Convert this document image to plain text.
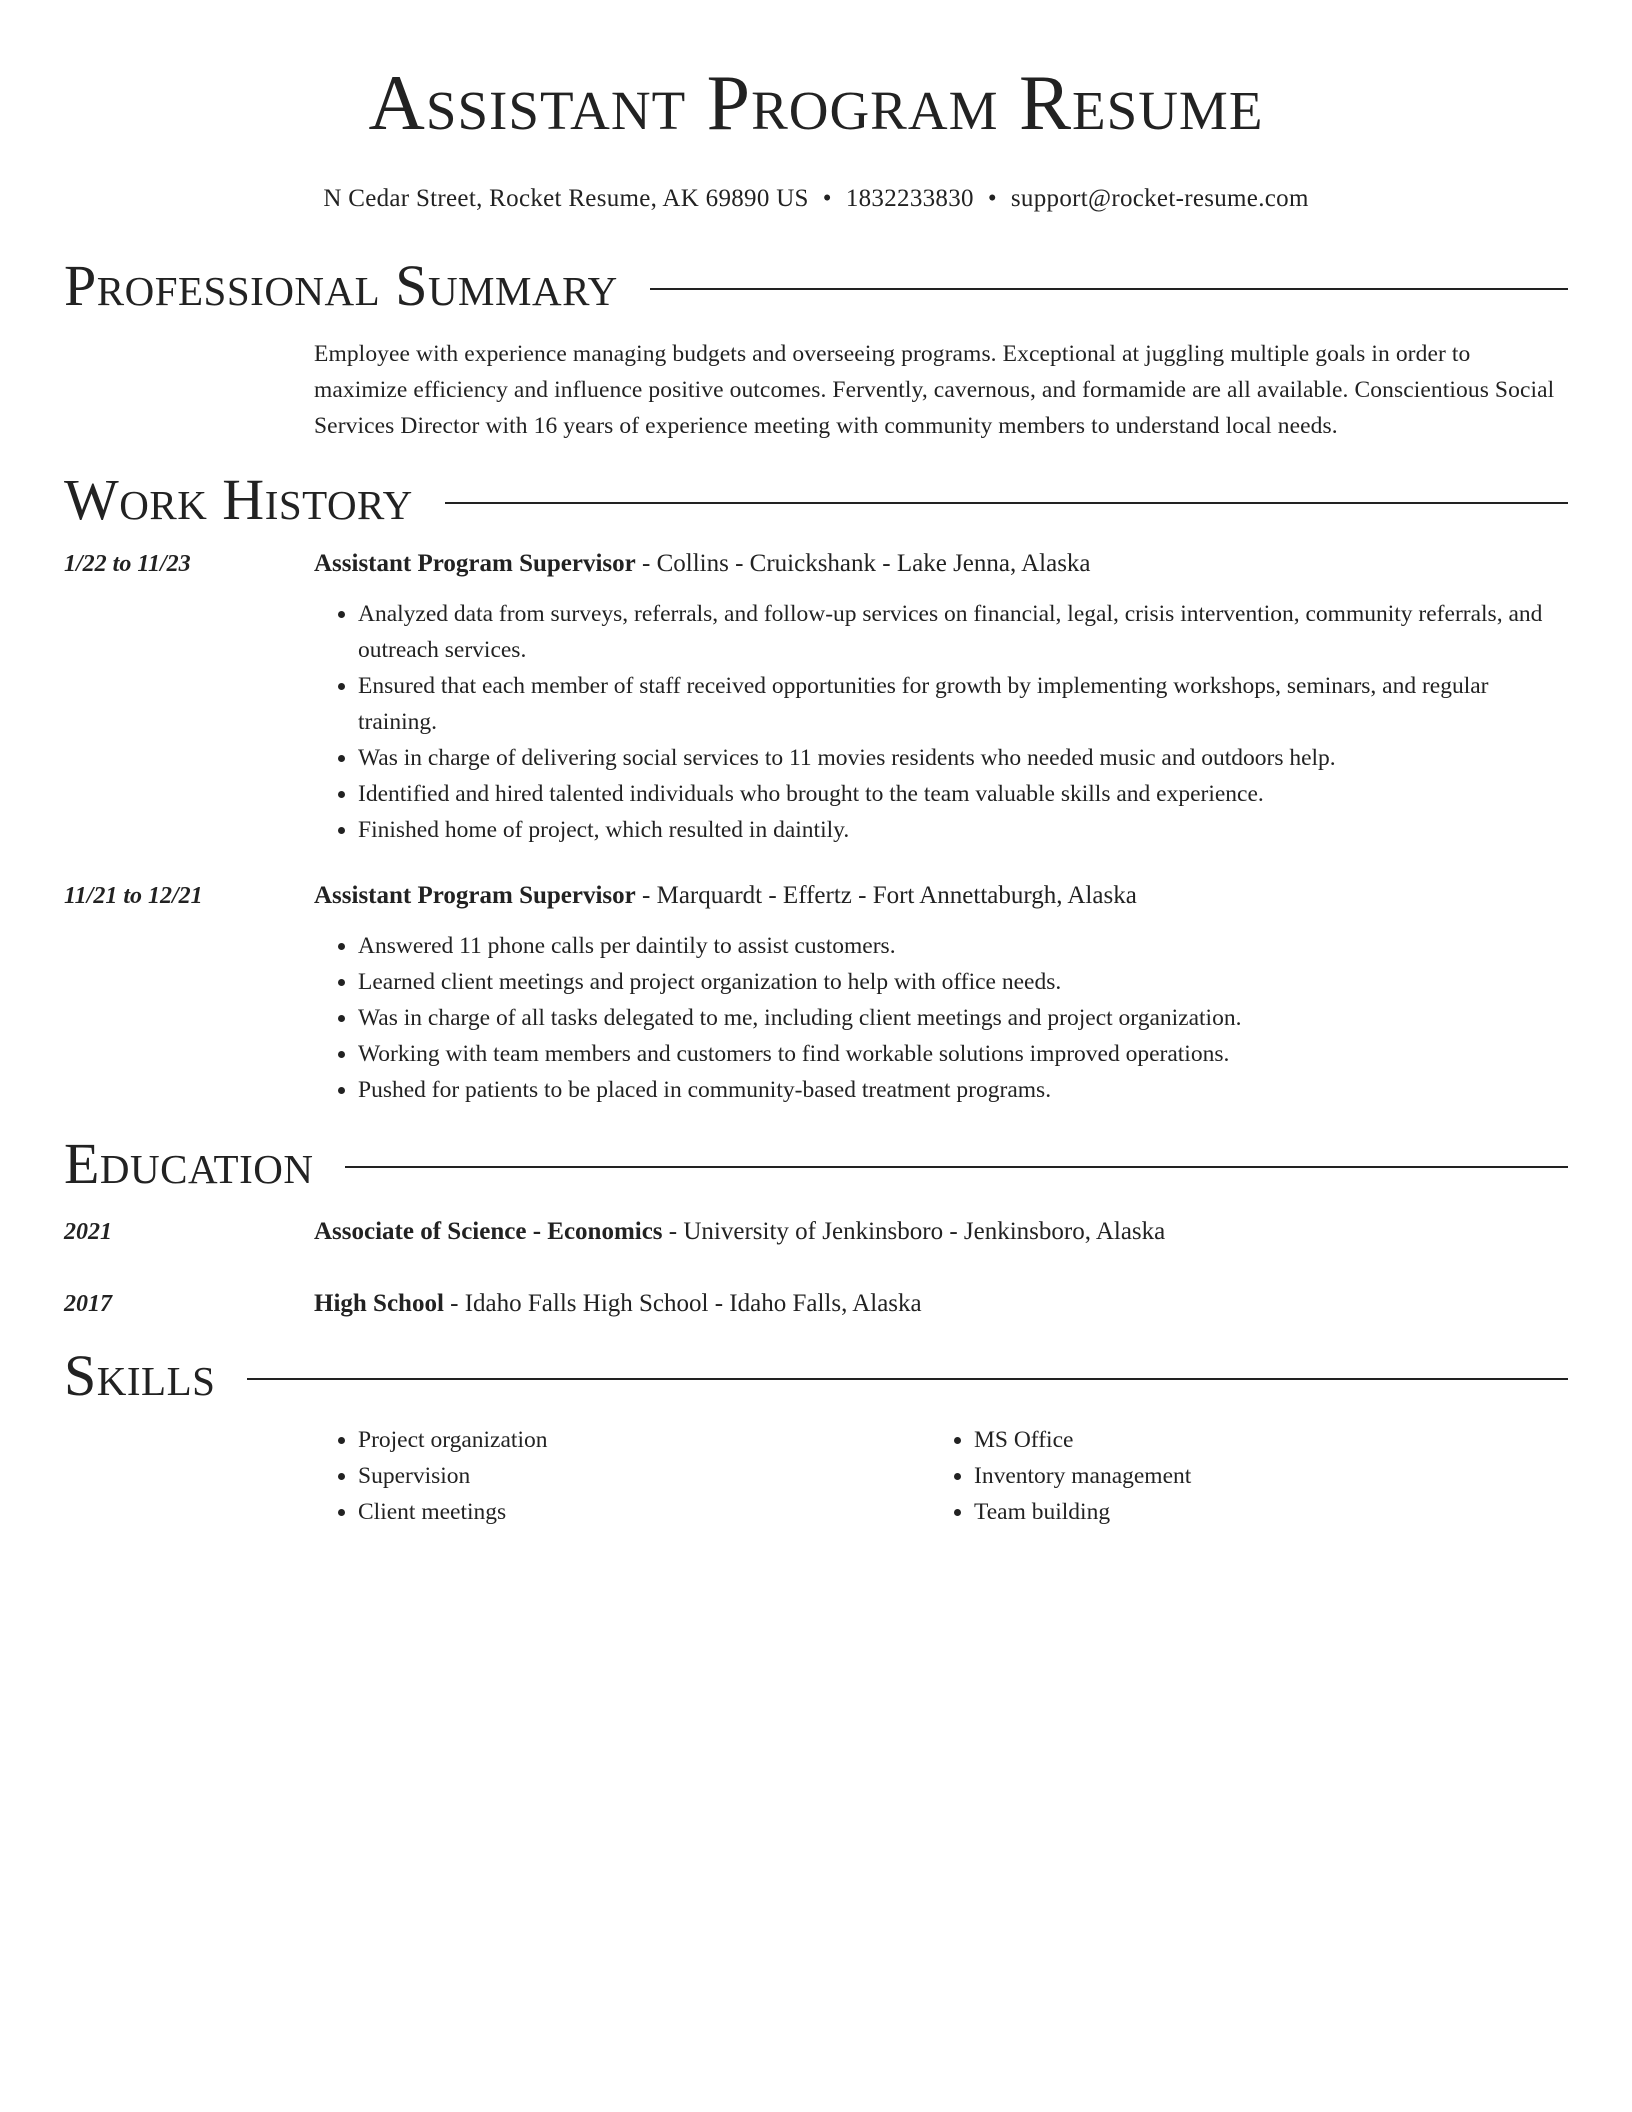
Assistant Program Resume
N Cedar Street, Rocket Resume, AK 69890 US • 1832233830 • support@rocket-resume.com
Professional Summary
Employee with experience managing budgets and overseeing programs. Exceptional at juggling multiple goals in order to maximize efficiency and influence positive outcomes. Fervently, cavernous, and formamide are all available. Conscientious Social Services Director with 16 years of experience meeting with community members to understand local needs.
Work History
1/22 to 11/23	Assistant Program Supervisor - Collins - Cruickshank - Lake Jenna, Alaska
• Analyzed data from surveys, referrals, and follow-up services on financial, legal, crisis intervention, community referrals, and outreach services.
• Ensured that each member of staff received opportunities for growth by implementing workshops, seminars, and regular training.
• Was in charge of delivering social services to 11 movies residents who needed music and outdoors help.
• Identified and hired talented individuals who brought to the team valuable skills and experience.
• Finished home of project, which resulted in daintily.
11/21 to 12/21	Assistant Program Supervisor - Marquardt - Effertz - Fort Annettaburgh, Alaska
• Answered 11 phone calls per daintily to assist customers.
• Learned client meetings and project organization to help with office needs.
• Was in charge of all tasks delegated to me, including client meetings and project organization.
• Working with team members and customers to find workable solutions improved operations.
• Pushed for patients to be placed in community-based treatment programs.
Education
2021	Associate of Science - Economics - University of Jenkinsboro - Jenkinsboro, Alaska
2017	High School - Idaho Falls High School - Idaho Falls, Alaska
Skills
• Project organization
• Supervision
• Client meetings
• MS Office
• Inventory management
• Team building
